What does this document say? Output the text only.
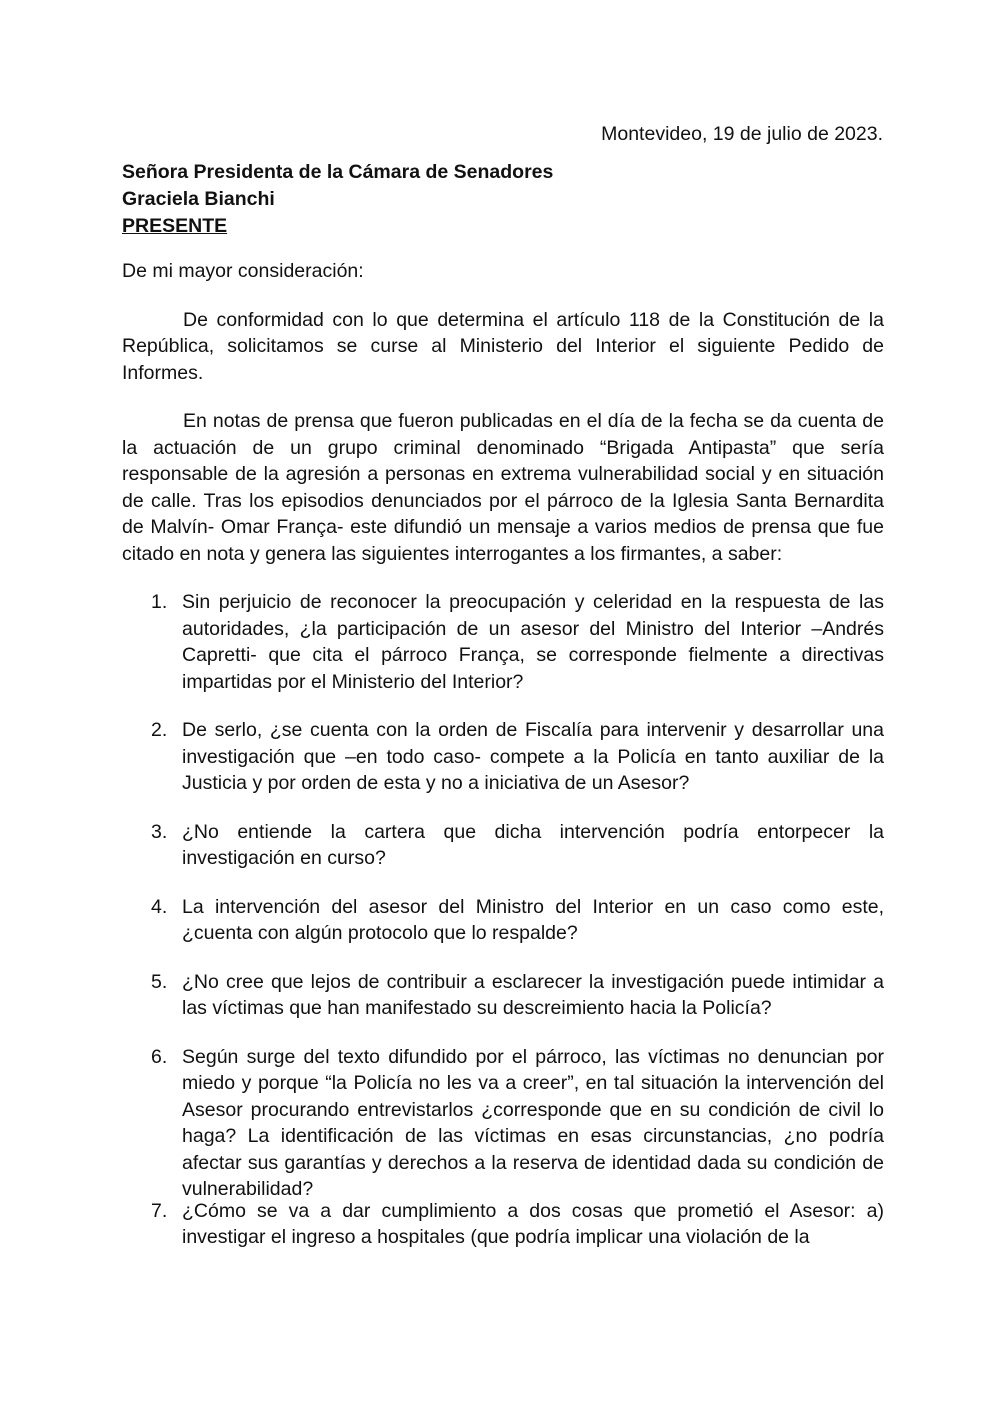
Montevideo, 19 de julio de 2023.
Señora Presidenta de la Cámara de Senadores
Graciela Bianchi
PRESENTE

De mi mayor consideración:

De conformidad con lo que determina el artículo 118 de la Constitución de la República, solicitamos se curse al Ministerio del Interior el siguiente Pedido de Informes.

En notas de prensa que fueron publicadas en el día de la fecha se da cuenta de la actuación de un grupo criminal denominado “Brigada Antipasta” que sería responsable de la agresión a personas en extrema vulnerabilidad social y en situación de calle. Tras los episodios denunciados por el párroco de la Iglesia Santa Bernardita de Malvín- Omar França- este difundió un mensaje a varios medios de prensa que fue citado en nota y genera las siguientes interrogantes a los firmantes, a saber:

1. Sin perjuicio de reconocer la preocupación y celeridad en la respuesta de las autoridades, ¿la participación de un asesor del Ministro del Interior –Andrés Capretti- que cita el párroco França, se corresponde fielmente a directivas impartidas por el Ministerio del Interior?
2. De serlo, ¿se cuenta con la orden de Fiscalía para intervenir y desarrollar una investigación que –en todo caso- compete a la Policía en tanto auxiliar de la Justicia y por orden de esta y no a iniciativa de un Asesor?
3. ¿No entiende la cartera que dicha intervención podría entorpecer la investigación en curso?
4. La intervención del asesor del Ministro del Interior en un caso como este, ¿cuenta con algún protocolo que lo respalde?
5. ¿No cree que lejos de contribuir a esclarecer la investigación puede intimidar a las víctimas que han manifestado su descreimiento hacia la Policía?
6. Según surge del texto difundido por el párroco, las víctimas no denuncian por miedo y porque “la Policía no les va a creer”, en tal situación la intervención del Asesor procurando entrevistarlos ¿corresponde que en su condición de civil lo haga? La identificación de las víctimas en esas circunstancias, ¿no podría afectar sus garantías y derechos a la reserva de identidad dada su condición de vulnerabilidad?
7. ¿Cómo se va a dar cumplimiento a dos cosas que prometió el Asesor: a) investigar el ingreso a hospitales (que podría implicar una violación de la
